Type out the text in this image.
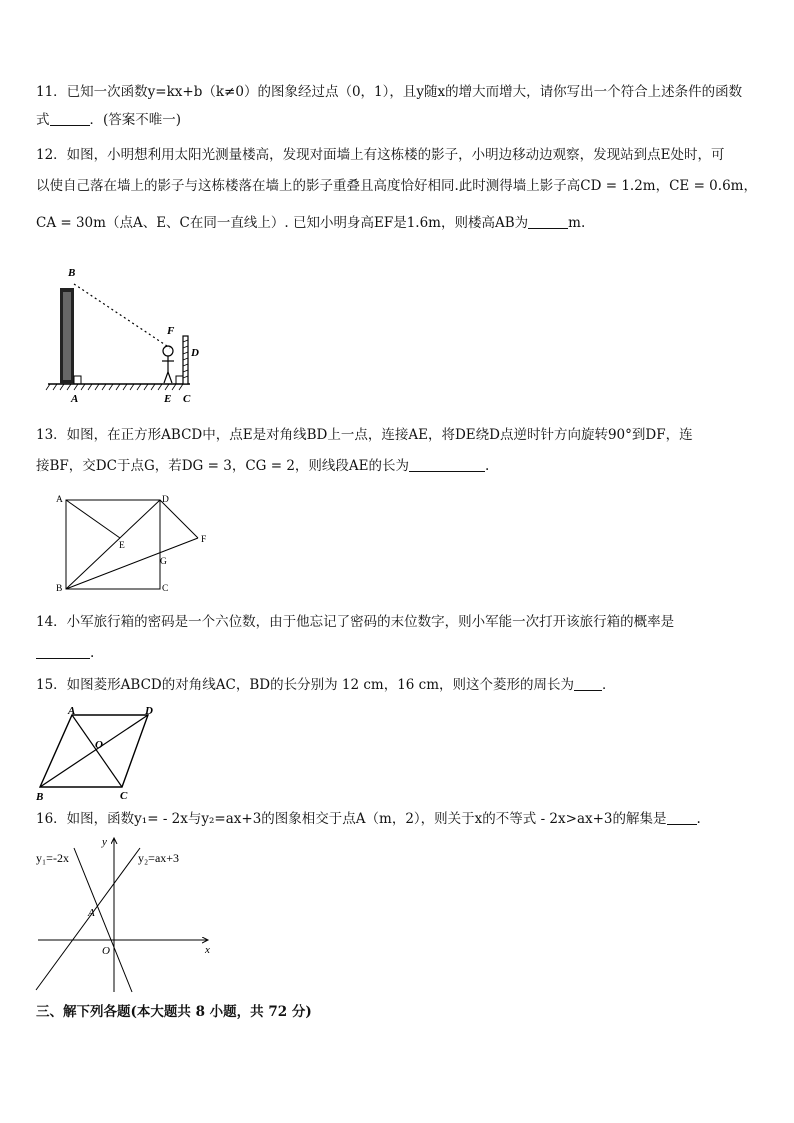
11．已知一次函数y=kx+b（k≠0）的图象经过点（0，1），且y随x的增大而增大，请你写出一个符合上述条件的函数
式	．(答案不唯一)
12．如图，小明想利用太阳光测量楼高，发现对面墙上有这栋楼的影子，小明边移动边观察，发现站到点E处时，可
以使自己落在墙上的影子与这栋楼落在墙上的影子重叠且高度恰好相同.此时测得墙上影子高CD = 1.2m，CE = 0.6m，
CA = 30m（点A、E、C在同一直线上）. 已知小明身高EF是1.6m，则楼高AB为	m.
B
F
D
A	E C
13．如图，在正方形ABCD中，点E是对角线BD上一点，连接AE，将DE绕D点逆时针方向旋转90°到DF，连
接BF，交DC于点G，若DG = 3，CG = 2，则线段AE的长为	.
A	D
E
F
G
B	C
14．小军旅行箱的密码是一个六位数，由于他忘记了密码的末位数字，则小军能一次打开该旅行箱的概率是
.
15．如图菱形ABCD的对角线AC，BD的长分别为 12 cm，16 cm，则这个菱形的周长为 ．
A	D
O
B	C
16．如图，函数y₁= - 2x与y₂=ax+3的图象相交于点A（m，2），则关于x的不等式 - 2x>ax+3的解集是 .
y₁=-2x	y₂=ax+3
y
x
A
O
三、解下列各题(本大题共 8 小题，共 72 分)
